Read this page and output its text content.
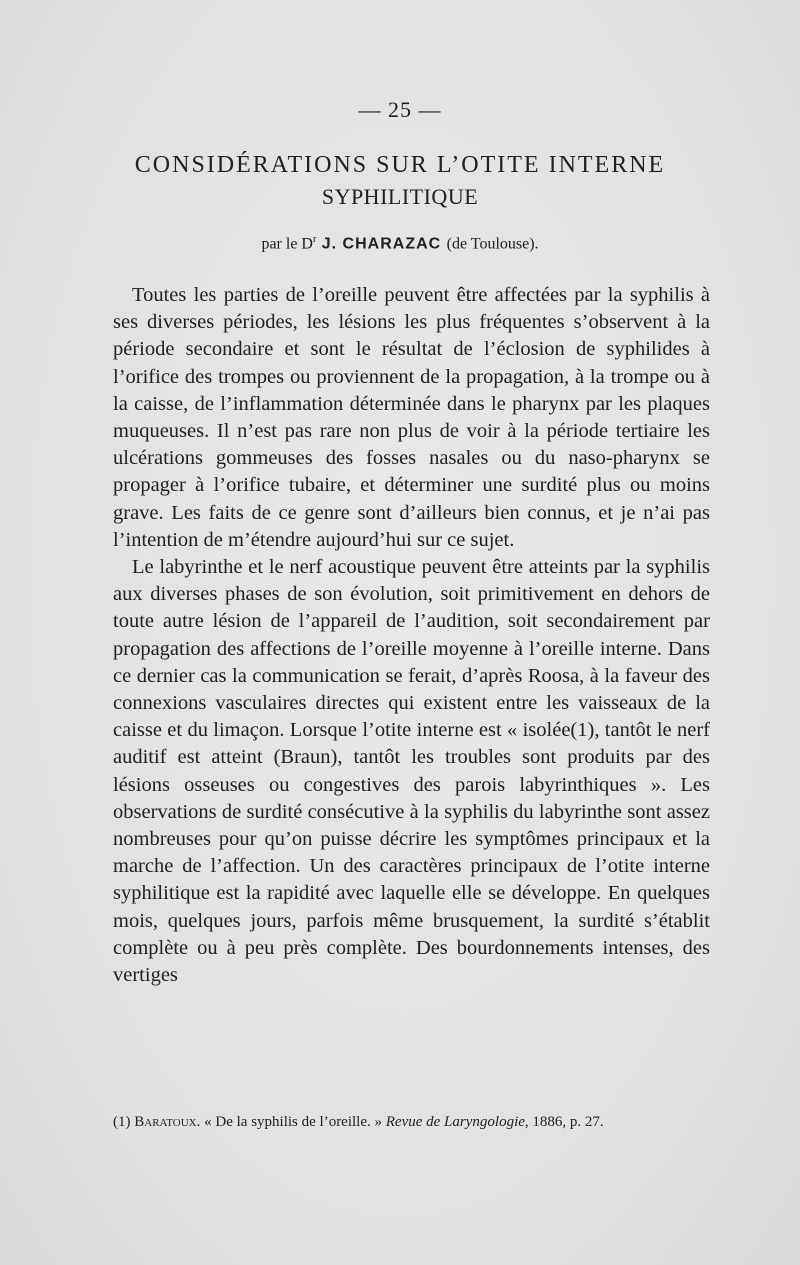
— 25 —
CONSIDÉRATIONS SUR L’OTITE INTERNE
SYPHILITIQUE
par le $D^r$ J. CHARAZAC (de Toulouse).

Toutes les parties de l’oreille peuvent être affectées par la syphilis à ses diverses périodes, les lésions les plus fréquentes s’observent à la période secondaire et sont le résultat de l’éclosion de syphilides à l’orifice des trompes ou proviennent de la propagation, à la trompe ou à la caisse, de l’inflammation déterminée dans le pharynx par les plaques muqueuses. Il n’est pas rare non plus de voir à la période tertiaire les ulcérations gommeuses des fosses nasales ou du naso-pharynx se propager à l’orifice tubaire, et déterminer une surdité plus ou moins grave. Les faits de ce genre sont d’ailleurs bien connus, et je n’ai pas l’intention de m’étendre aujourd’hui sur ce sujet.

Le labyrinthe et le nerf acoustique peuvent être atteints par la syphilis aux diverses phases de son évolution, soit primitivement en dehors de toute autre lésion de l’appareil de l’audition, soit secondairement par propagation des affections de l’oreille moyenne à l’oreille interne. Dans ce dernier cas la communication se ferait, d’après Roosa, à la faveur des connexions vasculaires directes qui existent entre les vaisseaux de la caisse et du limaçon. Lorsque l’otite interne est « isolée(1), tantôt le nerf auditif est atteint (Braun), tantôt les troubles sont produits par des lésions osseuses ou congestives des parois labyrinthiques ». Les observations de surdité consécutive à la syphilis du labyrinthe sont assez nombreuses pour qu’on puisse décrire les symptômes principaux et la marche de l’affection. Un des caractères principaux de l’otite interne syphilitique est la rapidité avec laquelle elle se développe. En quelques mois, quelques jours, parfois même brusquement, la surdité s’établit complète ou à peu près complète. Des bourdonnements intenses, des vertiges

(1) Baratoux. « De la syphilis de l’oreille. » Revue de Laryngologie, 1886, p. 27.
